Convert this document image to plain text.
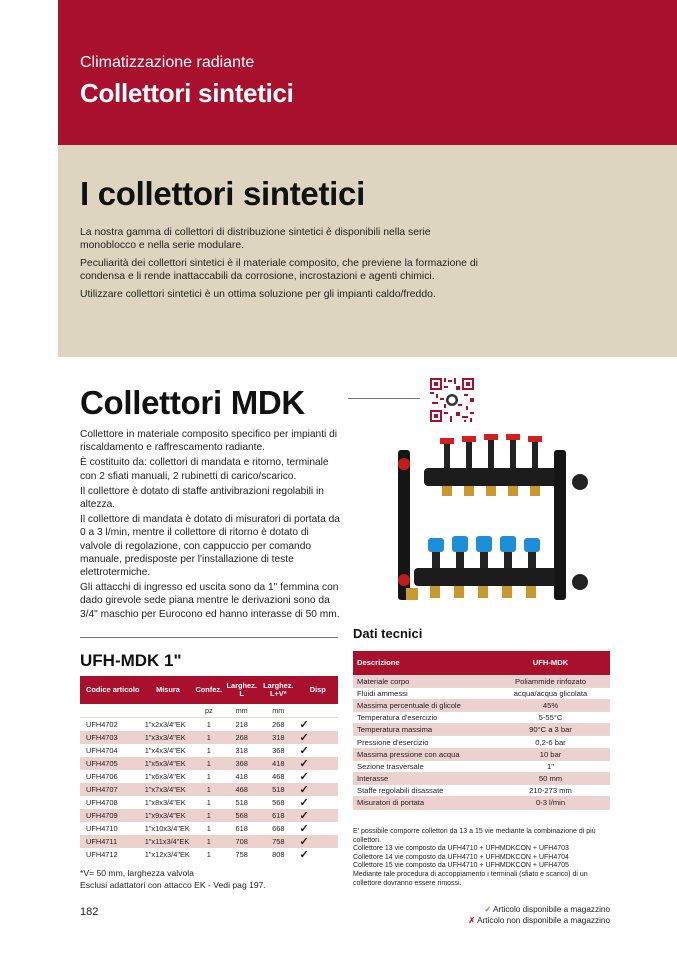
Climatizzazione radiante
Collettori sintetici
I collettori sintetici

La nostra gamma di collettori di distribuzione sintetici è disponibili nella serie monoblocco e nella serie modulare.

Peculiarità dei collettori sintetici è il materiale composito, che previene la formazione di condensa e li rende inattaccabili da corrosione, incrostazioni e agenti chimici.

Utilizzare collettori sintetici è un ottima soluzione per gli impianti caldo/freddo.

Collettori MDK

Collettore in materiale composito specifico per impianti di riscaldamento e raffrescamento radiante.

È costituito da: collettori di mandata e ritorno, terminale con 2 sfiati manuali, 2 rubinetti di carico/scarico.

Il collettore è dotato di staffe antivibrazioni regolabili in altezza.

Il collettore di mandata è dotato di misuratori di portata da 0 a 3 l/min, mentre il collettore di ritorno è dotato di valvole di regolazione, con cappuccio per comando manuale, predisposte per l'installazione di teste elettrotermiche.

Gli attacchi di ingresso ed uscita sono da 1" femmina con dado girevole sede piana mentre le derivazioni sono da 3/4" maschio per Eurocono ed hanno interasse di 50 mm.

UFH-MDK 1"
Codice articolo	Misura	Confez.	Larghez. L	Larghez. L+V*	Disp
		pz	mm	mm	
UFH4702	1"x2x3/4"EK	1	218	268	✓
UFH4703	1"x3x3/4"EK	1	268	318	✓
UFH4704	1"x4x3/4"EK	1	318	368	✓
UFH4705	1"x5x3/4"EK	1	368	418	✓
UFH4706	1"x6x3/4"EK	1	418	468	✓
UFH4707	1"x7x3/4"EK	1	468	518	✓
UFH4708	1"x8x3/4"EK	1	518	568	✓
UFH4709	1"x9x3/4"EK	1	568	618	✓
UFH4710	1"x10x3/4"EK	1	618	668	✓
UFH4711	1"x11x3/4"EK	1	708	758	✓
UFH4712	1"x12x3/4"EK	1	758	808	✓
*V= 50 mm, larghezza valvola
Esclusi adattatori con attacco EK - Vedi pag 197.
Dati tecnici
Descrizione	UFH-MDK
Materiale corpo	Poliammide rinfozato
Fluidi ammessi	acqua/acqua glicolata
Massima percentuale di glicole	45%
Temperatura d'esercizio	5-55°C
Temperatura massima	90°C a 3 bar
Pressione d'esercizio	0,2-6 bar
Massima pressione con acqua	10 bar
Sezione trasversale	1"
Interasse	50 mm
Staffe regolabili disassate	210-273 mm
Misuratori di portata	0-3 l/min
E' possibile comporre collettori da 13 a 15 vie mediante la combinazione di più collettori.
Collettore 13 vie composto da UFH4710 + UFHMDKCON + UFH4703
Collettore 14 vie composto da UFH4710 + UFHMDKCON + UFH4704
Collettore 15 vie composto da UFH4710 + UFHMDKCON + UFH4705
Mediante tale procedura di accoppiamento i terminali (sfiato e scarico) di un collettore dovranno essere rimossi.
182	✓ Articolo disponibile a magazzino
✗ Articolo non disponibile a magazzino
